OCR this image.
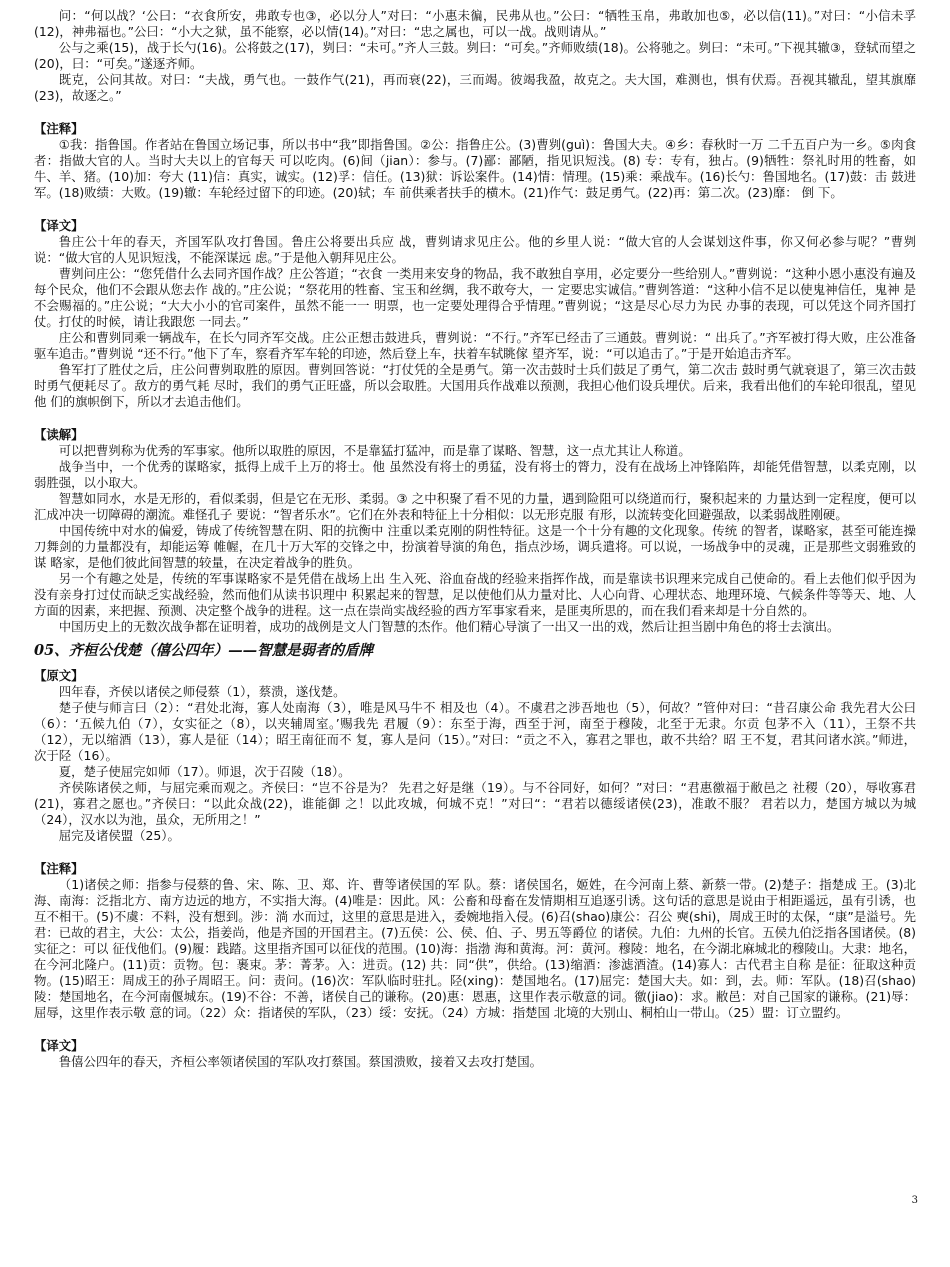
问：“何以战？‘公曰：“衣食所安，弗敢专也③，必以分人”对曰：“小惠未徧，民弗从也。”公曰：“牺牲玉帛，弗敢加也⑤，必以信(11)。”对曰：“小信未孚(12)，神弗福也。”公曰：“小大之狱，虽不能察，必以情(14)。”对曰：“忠之属也，可以一战。战则请从。”

公与之乘(15)，战于长勺(16)。公将鼓之(17)，刿曰：“未可。”齐人三鼓。刿曰：“可矣。”齐师败绩(18)。公将驰之。刿曰：“未可。”下视其辙③，登轼而望之(20)，曰：“可矣。”遂逐齐师。

既克，公问其故。对曰：“夫战，勇气也。一鼓作气(21)，再而衰(22)，三而竭。彼竭我盈，故克之。夫大国，难测也，惧有伏焉。吾视其辙乱，望其旗靡(23)，故逐之。”

【注释】

①我：指鲁国。作者站在鲁国立场记事，所以书中“我”即指鲁国。②公：指鲁庄公。(3)曹刿(guì)：鲁国大夫。④乡：春秋时一万 二千五百户为一乡。⑤肉食者：指做大官的人。当时大夫以上的官每天 可以吃肉。(6)间（jian）：参与。(7)鄙：鄙陋，指见识短浅。(8) 专：专有，独占。(9)牺牲：祭礼时用的牲畜，如牛、羊、猪。(10)加：夸大 (11)信：真实，诚实。(12)孚：信任。(13)狱：诉讼案件。(14)情：情理。(15)乘：乘战车。(16)长勺：鲁国地名。(17)鼓：击 鼓进军。(18)败绩：大败。(19)辙：车轮经过留下的印迹。(20)轼；车 前供乘者扶手的横木。(21)作气：鼓足勇气。(22)再：第二次。(23)靡： 倒 下。

【译文】

鲁庄公十年的春天，齐国军队攻打鲁国。鲁庄公将要出兵应 战，曹刿请求见庄公。他的乡里人说：“做大官的人会谋划这件事，你又何必参与呢？”曹刿说：“做大官的人见识短浅，不能深谋远 虑。”于是他入朝拜见庄公。

曹刿问庄公：“您凭借什么去同齐国作战？庄公答道；“衣食 一类用来安身的物品，我不敢独自享用，必定要分一些给别人。”曹刿说：“这种小恩小惠没有遍及每个民众，他们不会跟从您去作 战的。”庄公说；“祭花用的牲畜、宝玉和丝绸，我不敢夸大，一 定要忠实诚信。”曹刿答道：“这种小信不足以使鬼神信任，鬼神 是 不会赐福的。”庄公说；“大大小小的官司案件，虽然不能一一 明票，也一定要处理得合乎情理。”曹刿说；“这是尽心尽力为民 办事的表现，可以凭这个同齐国打仗。打仗的时候，请让我跟您 一同去。”

庄公和曹刿同乘一辆战车，在长勺同齐军交战。庄公正想击鼓进兵，曹刿说：“不行。”齐军已经击了三通鼓。曹刿说：“ 出兵了。”齐军被打得大败，庄公准备驱车追击。”曹刿说 “还不行。”他下了车，察看齐军车轮的印迹，然后登上车，扶着车轼眺傢 望齐军，说：“可以追击了。”于是开始追击齐军。

鲁军打了胜仗之后，庄公问曹刿取胜的原因。曹刿回答说：“打仗凭的全是勇气。第一次击鼓时士兵们鼓足了勇气，第二次击 鼓时勇气就衰退了，第三次击鼓时勇气便耗尽了。敌方的勇气耗 尽时，我们的勇气正旺盛，所以会取胜。大国用兵作战难以预测，我担心他们设兵埋伏。后来，我看出他们的车轮印很乱，望见他 们的旗帜倒下，所以才去追击他们。

【读解】

可以把曹刿称为优秀的军事家。他所以取胜的原因，不是靠猛打猛冲，而是靠了谋略、智慧，这一点尤其让人称道。

战争当中，一个优秀的谋略家，抵得上成千上万的将士。他 虽然没有将士的勇猛，没有将士的膂力，没有在战场上冲锋陷阵，却能凭借智慧，以柔克刚，以弱胜强，以小取大。

智慧如同水，水是无形的，看似柔弱，但是它在无形、柔弱。③ 之中积聚了看不见的力量，遇到险阻可以绕道而行，聚积起来的 力量达到一定程度，便可以汇成冲决一切障碍的潮流。难怪孔子 要说：“智者乐水”。它们在外表和特征上十分相似：以无形克服 有形，以流转变化回避强敌，以柔弱战胜刚硬。

中国传统中对水的偏爱，铸成了传统智慧在阴、阳的抗衡中 注重以柔克刚的阴性特征。这是一个十分有趣的文化现象。传统 的智者，谋略家，甚至可能连操刀舞剑的力量都没有，却能运筹 帷幄，在几十万大军的交锋之中，扮演着导演的角色，指点沙场，调兵遣将。可以说，一场战争中的灵魂，正是那些文弱雅致的谋 略家，是他们彼此间智慧的较量，在决定着战争的胜负。

另一个有趣之处是，传统的军事谋略家不是凭借在战场上出 生入死、浴血奋战的经验来指挥作战，而是靠读书识理来完成自己使命的。看上去他们似乎因为没有亲身打过仗而缺乏实战经验，然而他们从读书识理中 积累起来的智慧，足以使他们从力量对比、人心向背、心理状态、地理环境、气候条件等等天、地、人方面的因素，来把握、预测、决定整个战争的进程。这一点在崇尚实战经验的西方军事家看来，是匪夷所思的，而在我们看来却是十分自然的。

中国历史上的无数次战争都在证明着，成功的战例是文人门智慧的杰作。他们精心导演了一出又一出的戏，然后让担当剧中角色的将士去演出。

05、齐桓公伐楚（僖公四年）——智慧是弱者的盾牌

【原文】

四年春，齐侯以诸侯之师侵蔡（1），蔡溃，遂伐楚。

楚子使与师言曰（2）：“君处北海，寡人处南海（3），唯是风马牛不 相及也（4）。不虞君之涉吾地也（5），何故？”管仲对曰：“昔召康公命 我先君大公曰（6）：‘五候九伯（7），女实征之（8），以夹辅周室。’赐我先 君履（9）：东至于海，西至于河，南至于穆陵，北至于无隶。尔贡 包茅不入（11），王祭不共（12），无以缩酒（13），寡人是征（14）；昭王南征而不 复，寡人是问（15）。”对曰：“贡之不入，寡君之罪也，敢不共给？昭 王不复，君其问诸水滨。”师进，次于陉（16）。

夏，楚子使屈完如师（17）。师退，次于召陵（18）。

齐侯陈诸侯之师，与屈完乘而观之。齐侯曰：“岂不谷是为？ 先君之好是继（19）。与不谷同好，如何？”对曰：“君惠徼福于敝邑之 社稷（20），辱收寡君(21)，寡君之愿也。”齐侯曰：“以此众战(22)，谁能御 之！以此攻城，何城不克！”对曰“：“君若以德绥诸侯(23)，准敢不服？ 君若以力，楚国方城以为城（24），汉水以为池，虽众，无所用之！”

屈完及诸侯盟（25）。

【注释】

（1)诸侯之师：指参与侵蔡的鲁、宋、陈、卫、郑、许、曹等诸侯国的军 队。蔡：诸侯国名，姬姓，在今河南上蔡、新蔡一带。(2)楚子：指楚成 王。(3)北海、南海：泛指北方、南方边远的地方，不实指大海。(4)唯是：因此。风：公畜和母畜在发情期相互追逐引诱。这句话的意思是说由于相距遥远，虽有引诱，也互不相干。(5)不虞：不料，没有想到。涉：淌 水而过，这里的意思是进入，委婉地指入侵。(6)召(shao)康公：召公 奭(shi)，周成王时的太保，“康”是溢号。先君：已故的君主，大公：太公，指姜尚，他是齐国的开国君主。(7)五侯：公、侯、伯、子、男五等爵位 的诸侯。九伯：九州的长官。五侯九伯泛指各国诸侯。(8)实征之：可以 征伐他们。(9)履：践踏。这里指齐国可以征伐的范围。(10)海：指渤 海和黄海。河：黄河。穆陵：地名，在今湖北麻城北的穆陵山。大隶：地名，在今河北隆户。(11)贡：贡物。包：裹束。茅：菁茅。入：进贡。(12) 共：同“供”，供给。(13)缩酒：渗滤酒渣。(14)寡人：古代君主自称 是征：征取这种贡物。(15)昭王：周成王的孙子周昭王。问：责问。(16)次：军队临时驻扎。陉(xing)：楚国地名。(17)屈完：楚国大夫。如：到，去。师：军队。(18)召(shao)陵：楚国地名，在今河南偃城东。(19)不谷：不善，诸侯自己的谦称。(20)惠：恩惠，这里作表示敬意的词。徼(jiao)：求。敝邑：对自己国家的谦称。(21)辱：屈辱，这里作表示敬 意的词。（22）众：指诸侯的军队，（23）绥：安抚。（24）方城：指楚国 北境的大别山、桐柏山一带山。（25）盟：订立盟约。

【译文】

鲁僖公四年的春天，齐桓公率领诸侯国的军队攻打蔡国。蔡国溃败，接着又去攻打楚国。

3
